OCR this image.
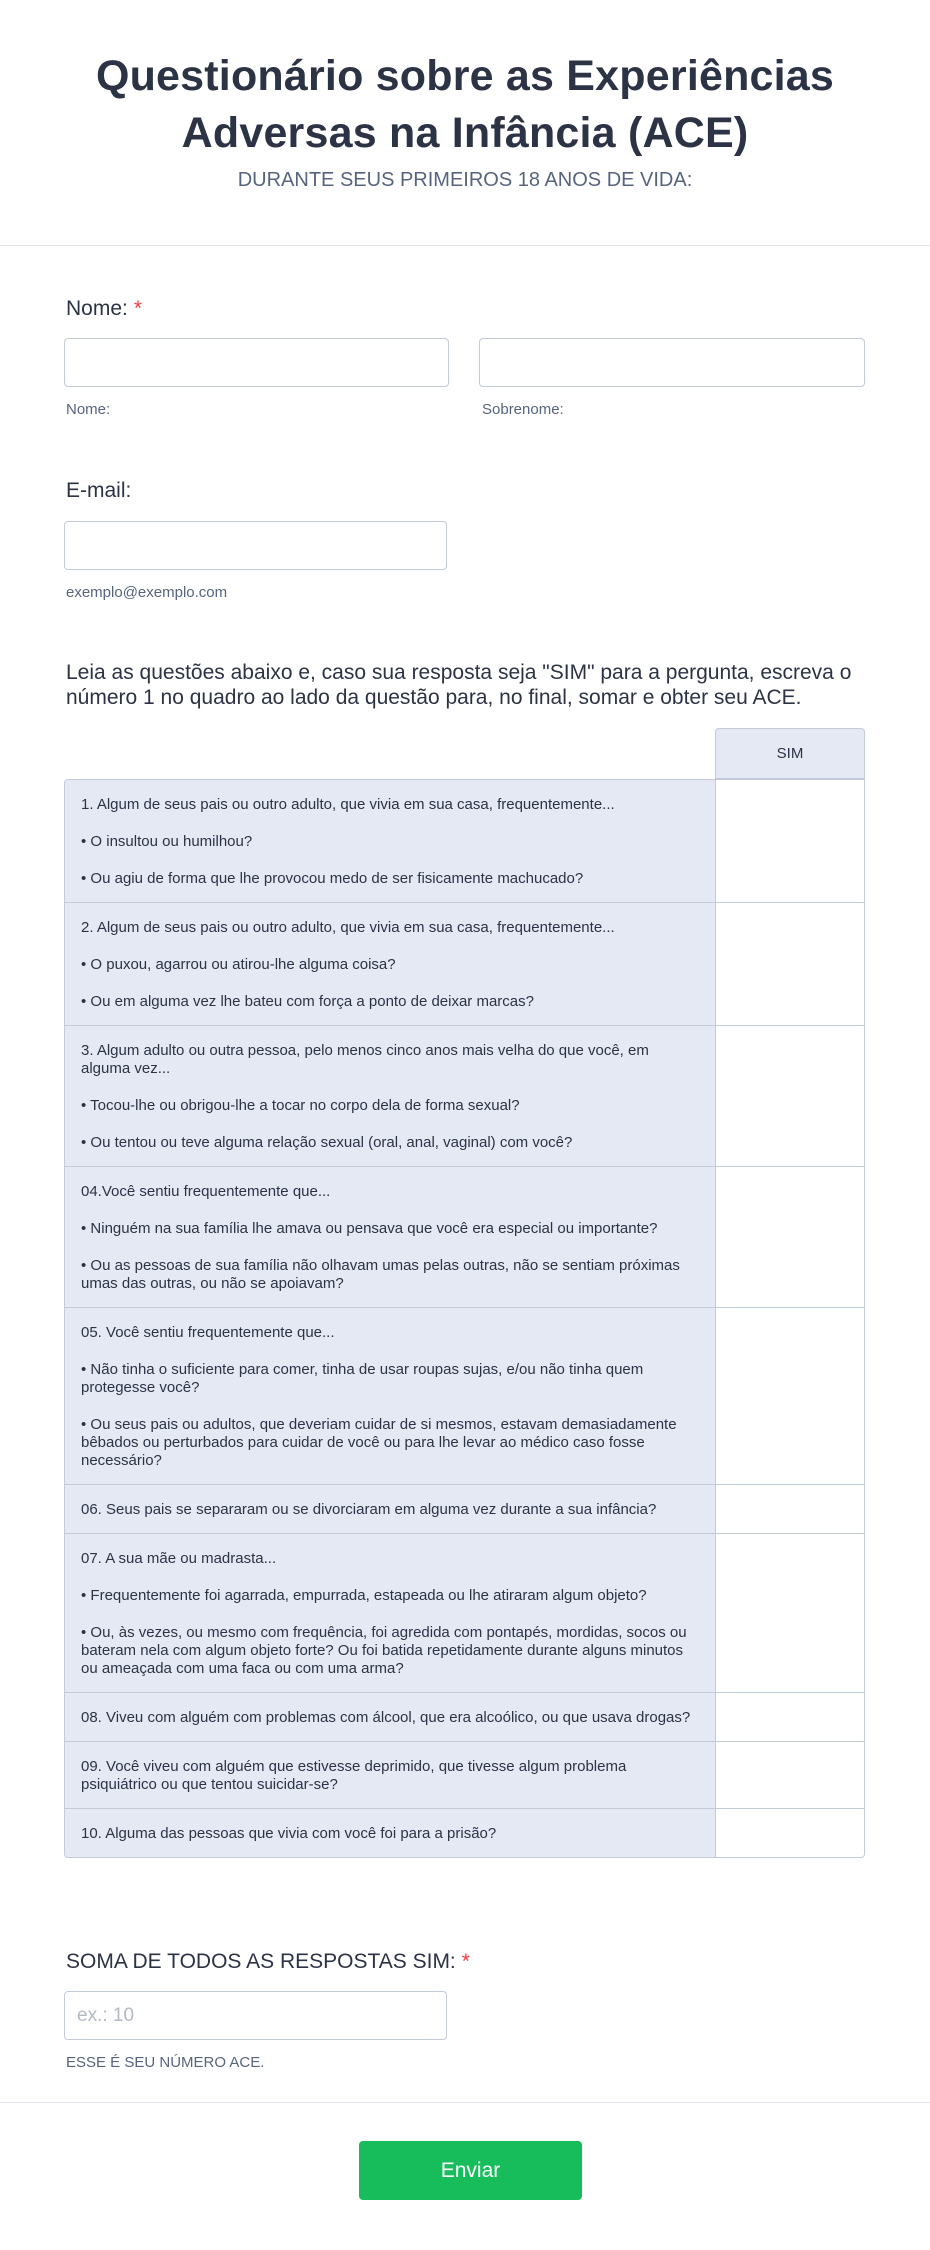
Questionário sobre as Experiências Adversas na Infância (ACE)
DURANTE SEUS PRIMEIROS 18 ANOS DE VIDA:
Nome: *
Nome:	Sobrenome:
E-mail:
exemplo@exemplo.com
Leia as questões abaixo e, caso sua resposta seja "SIM" para a pergunta, escreva o número 1 no quadro ao lado da questão para, no final, somar e obter seu ACE.
SIM

1. Algum de seus pais ou outro adulto, que vivia em sua casa, frequentemente...

• O insultou ou humilhou?

• Ou agiu de forma que lhe provocou medo de ser fisicamente machucado?

2. Algum de seus pais ou outro adulto, que vivia em sua casa, frequentemente...

• O puxou, agarrou ou atirou-lhe alguma coisa?

• Ou em alguma vez lhe bateu com força a ponto de deixar marcas?

3. Algum adulto ou outra pessoa, pelo menos cinco anos mais velha do que você, em alguma vez...

• Tocou-lhe ou obrigou-lhe a tocar no corpo dela de forma sexual?

• Ou tentou ou teve alguma relação sexual (oral, anal, vaginal) com você?

04.Você sentiu frequentemente que...

• Ninguém na sua família lhe amava ou pensava que você era especial ou importante?

• Ou as pessoas de sua família não olhavam umas pelas outras, não se sentiam próximas umas das outras, ou não se apoiavam?

05. Você sentiu frequentemente que...

• Não tinha o suficiente para comer, tinha de usar roupas sujas, e/ou não tinha quem protegesse você?

• Ou seus pais ou adultos, que deveriam cuidar de si mesmos, estavam demasiadamente bêbados ou perturbados para cuidar de você ou para lhe levar ao médico caso fosse necessário?

06. Seus pais se separaram ou se divorciaram em alguma vez durante a sua infância?

07. A sua mãe ou madrasta...

• Frequentemente foi agarrada, empurrada, estapeada ou lhe atiraram algum objeto?

• Ou, às vezes, ou mesmo com frequência, foi agredida com pontapés, mordidas, socos ou bateram nela com algum objeto forte? Ou foi batida repetidamente durante alguns minutos ou ameaçada com uma faca ou com uma arma?

08. Viveu com alguém com problemas com álcool, que era alcoólico, ou que usava drogas?

09. Você viveu com alguém que estivesse deprimido, que tivesse algum problema psiquiátrico ou que tentou suicidar-se?

10. Alguma das pessoas que vivia com você foi para a prisão?

SOMA DE TODOS AS RESPOSTAS SIM: *
ex.: 10
ESSE É SEU NÚMERO ACE.
Enviar
